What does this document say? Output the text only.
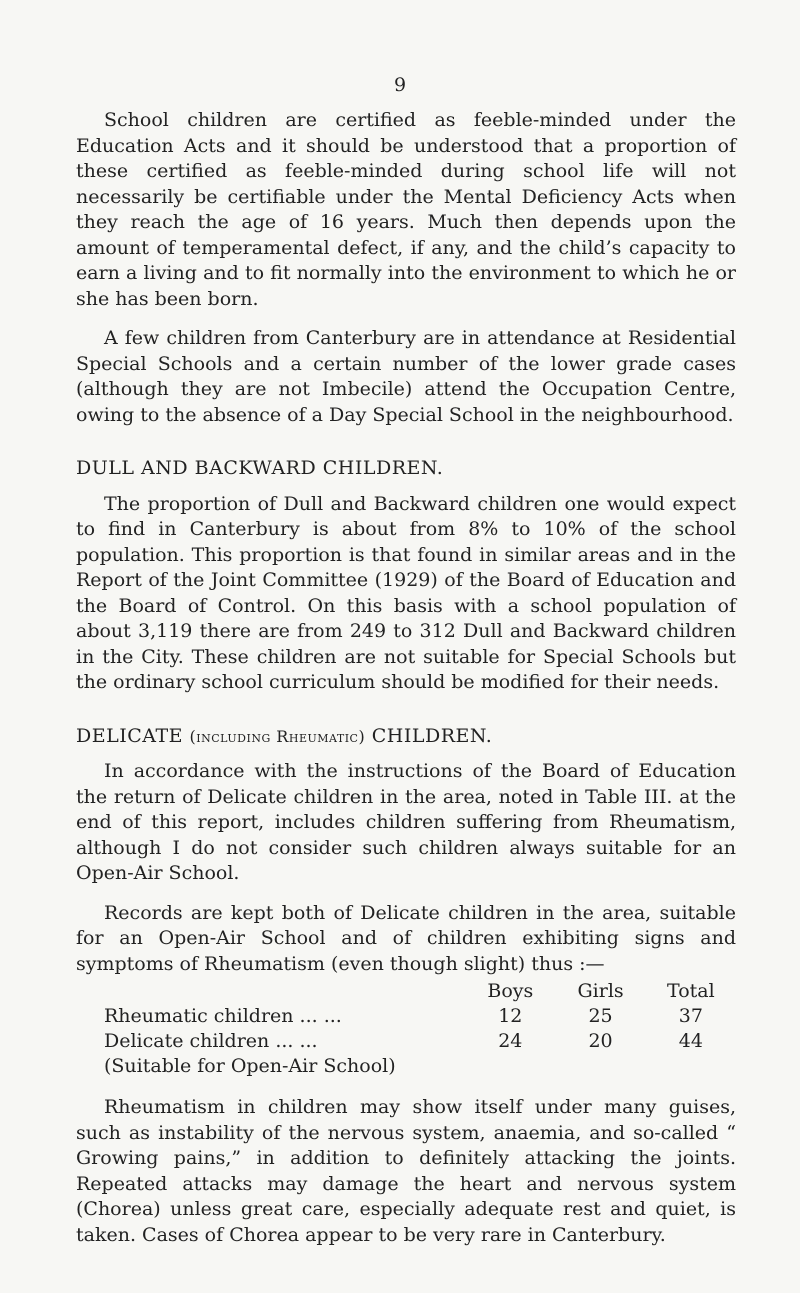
9

School children are certified as feeble-minded under the Education Acts and it should be understood that a proportion of these certified as feeble-minded during school life will not necessarily be certifiable under the Mental Deficiency Acts when they reach the age of 16 years. Much then depends upon the amount of temperamental defect, if any, and the child’s capacity to earn a living and to fit normally into the environment to which he or she has been born.

A few children from Canterbury are in attendance at Residential Special Schools and a certain number of the lower grade cases (although they are not Imbecile) attend the Occupation Centre, owing to the absence of a Day Special School in the neighbourhood.

DULL AND BACKWARD CHILDREN.

The proportion of Dull and Backward children one would expect to find in Canterbury is about from 8% to 10% of the school population. This proportion is that found in similar areas and in the Report of the Joint Committee (1929) of the Board of Education and the Board of Control. On this basis with a school population of about 3,119 there are from 249 to 312 Dull and Backward children in the City. These children are not suitable for Special Schools but the ordinary school curriculum should be modified for their needs.

DELICATE (including Rheumatic) CHILDREN.

In accordance with the instructions of the Board of Education the return of Delicate children in the area, noted in Table III. at the end of this report, includes children suffering from Rheumatism, although I do not consider such children always suitable for an Open-Air School.

Records are kept both of Delicate children in the area, suitable for an Open-Air School and of children exhibiting signs and symptoms of Rheumatism (even though slight) thus :—

	Boys	Girls	Total
Rheumatic children ... ...	12	25	37
Delicate children ... ...	24	20	44
(Suitable for Open-Air School)			

Rheumatism in children may show itself under many guises, such as instability of the nervous system, anaemia, and so-called “ Growing pains,” in addition to definitely attacking the joints. Repeated attacks may damage the heart and nervous system (Chorea) unless great care, especially adequate rest and quiet, is taken. Cases of Chorea appear to be very rare in Canterbury.
